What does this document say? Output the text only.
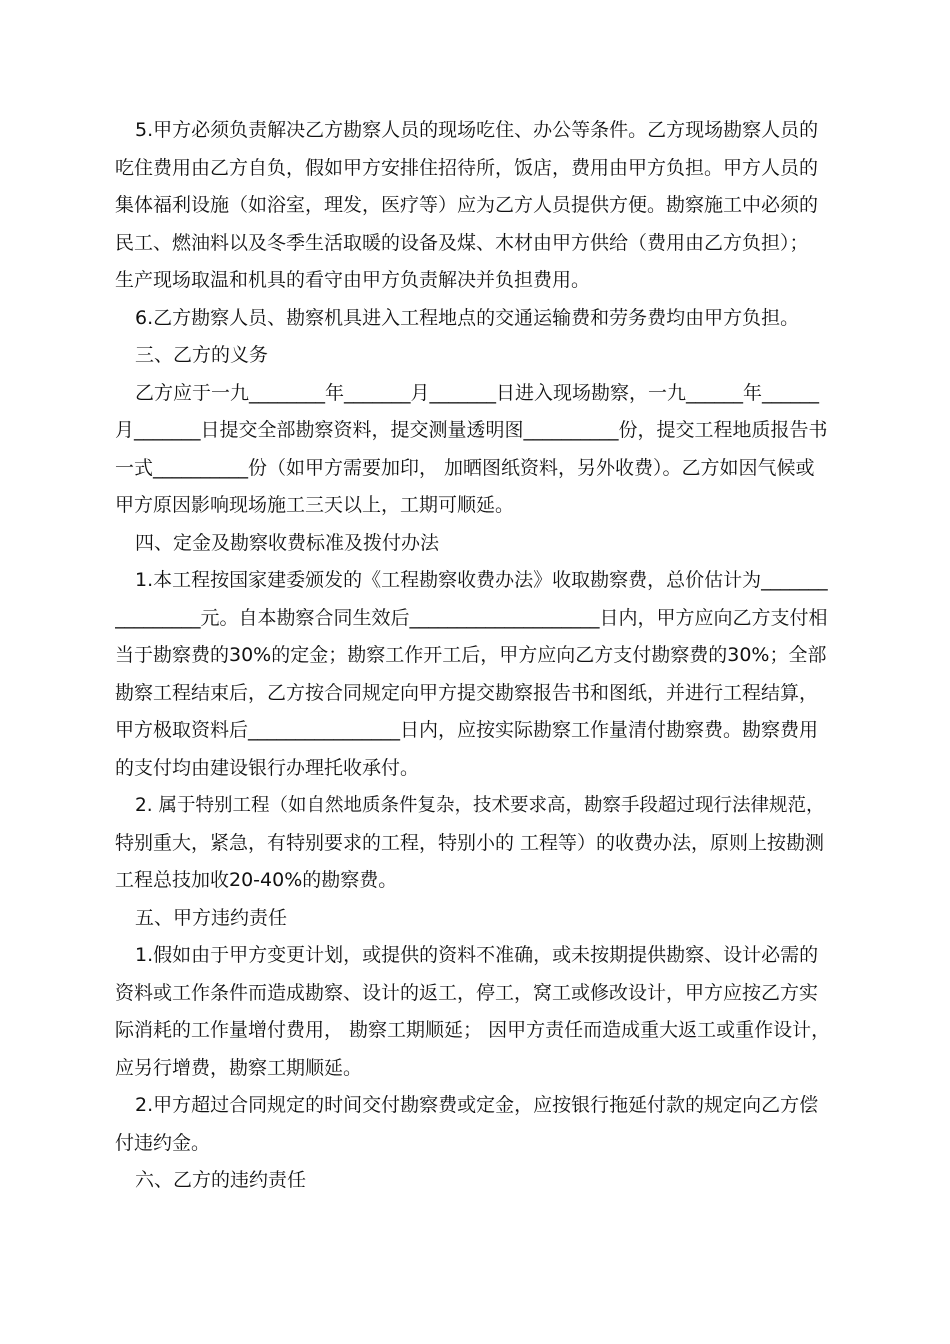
5.甲方必须负责解决乙方勘察人员的现场吃住、办公等条件。乙方现场勘察人员的
吃住费用由乙方自负，假如甲方安排住招待所，饭店，费用由甲方负担。甲方人员的
集体福利设施（如浴室，理发，医疗等）应为乙方人员提供方便。勘察施工中必须的
民工、燃油料以及冬季生活取暖的设备及煤、木材由甲方供给（费用由乙方负担）；
生产现场取温和机具的看守由甲方负责解决并负担费用。
6.乙方勘察人员、勘察机具进入工程地点的交通运输费和劳务费均由甲方负担。
三、乙方的义务
乙方应于一九________年_______月_______日进入现场勘察，一九______年______
月_______日提交全部勘察资料，提交测量透明图__________份，提交工程地质报告书
一式__________份（如甲方需要加印， 加晒图纸资料，另外收费）。乙方如因气候或
甲方原因影响现场施工三天以上，工期可顺延。
四、定金及勘察收费标准及拨付办法
1.本工程按国家建委颁发的《工程勘察收费办法》收取勘察费，总价估计为_______
_________元。自本勘察合同生效后____________________日内，甲方应向乙方支付相
当于勘察费的30%的定金；勘察工作开工后，甲方应向乙方支付勘察费的30%；全部
勘察工程结束后，乙方按合同规定向甲方提交勘察报告书和图纸，并进行工程结算，
甲方极取资料后________________日内，应按实际勘察工作量清付勘察费。勘察费用
的支付均由建设银行办理托收承付。
2. 属于特别工程（如自然地质条件复杂，技术要求高，勘察手段超过现行法律规范，
特别重大，紧急，有特别要求的工程，特别小的 工程等）的收费办法，原则上按勘测
工程总技加收20-40%的勘察费。
五、甲方违约责任
1.假如由于甲方变更计划，或提供的资料不准确，或未按期提供勘察、设计必需的
资料或工作条件而造成勘察、设计的返工，停工，窝工或修改设计，甲方应按乙方实
际消耗的工作量增付费用， 勘察工期顺延； 因甲方责任而造成重大返工或重作设计，
应另行增费，勘察工期顺延。
2.甲方超过合同规定的时间交付勘察费或定金，应按银行拖延付款的规定向乙方偿
付违约金。
六、乙方的违约责任
